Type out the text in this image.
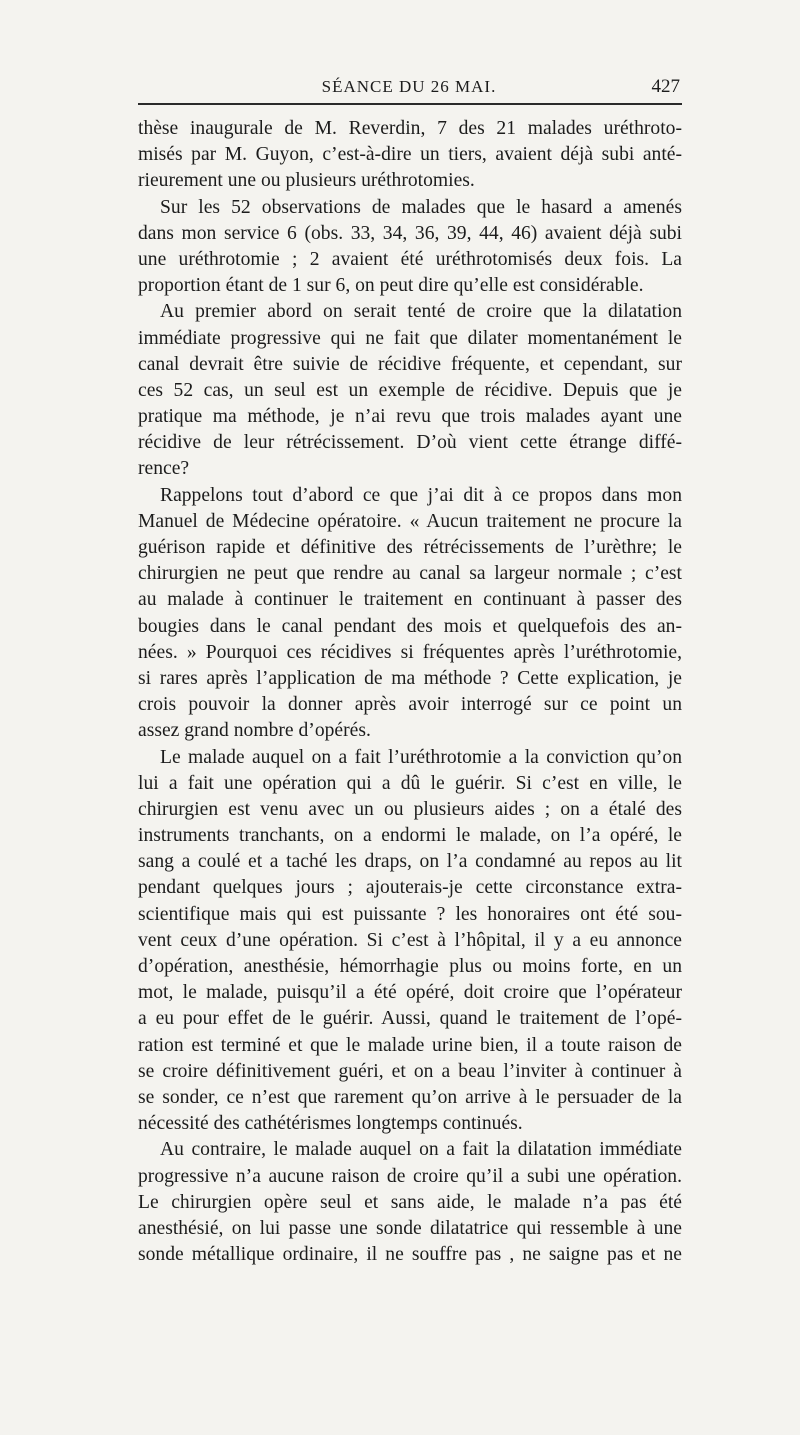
SÉANCE DU 26 MAI.	427
thèse inaugurale de M. Reverdin, 7 des 21 malades uréthroto-
misés par M. Guyon, c’est-à-dire un tiers, avaient déjà subi anté-
rieurement une ou plusieurs uréthrotomies.
Sur les 52 observations de malades que le hasard a amenés
dans mon service 6 (obs. 33, 34, 36, 39, 44, 46) avaient déjà subi
une uréthrotomie ; 2 avaient été uréthrotomisés deux fois. La
proportion étant de 1 sur 6, on peut dire qu’elle est considérable.
Au premier abord on serait tenté de croire que la dilatation
immédiate progressive qui ne fait que dilater momentanément le
canal devrait être suivie de récidive fréquente, et cependant, sur
ces 52 cas, un seul est un exemple de récidive. Depuis que je
pratique ma méthode, je n’ai revu que trois malades ayant une
récidive de leur rétrécissement. D’où vient cette étrange diffé-
rence?
Rappelons tout d’abord ce que j’ai dit à ce propos dans mon
Manuel de Médecine opératoire. « Aucun traitement ne procure la
guérison rapide et définitive des rétrécissements de l’urèthre; le
chirurgien ne peut que rendre au canal sa largeur normale ; c’est
au malade à continuer le traitement en continuant à passer des
bougies dans le canal pendant des mois et quelquefois des an-
nées. » Pourquoi ces récidives si fréquentes après l’uréthrotomie,
si rares après l’application de ma méthode ? Cette explication, je
crois pouvoir la donner après avoir interrogé sur ce point un
assez grand nombre d’opérés.
Le malade auquel on a fait l’uréthrotomie a la conviction qu’on
lui a fait une opération qui a dû le guérir. Si c’est en ville, le
chirurgien est venu avec un ou plusieurs aides ; on a étalé des
instruments tranchants, on a endormi le malade, on l’a opéré, le
sang a coulé et a taché les draps, on l’a condamné au repos au lit
pendant quelques jours ; ajouterais-je cette circonstance extra-
scientifique mais qui est puissante ? les honoraires ont été sou-
vent ceux d’une opération. Si c’est à l’hôpital, il y a eu annonce
d’opération, anesthésie, hémorrhagie plus ou moins forte, en un
mot, le malade, puisqu’il a été opéré, doit croire que l’opérateur
a eu pour effet de le guérir. Aussi, quand le traitement de l’opé-
ration est terminé et que le malade urine bien, il a toute raison de
se croire définitivement guéri, et on a beau l’inviter à continuer à
se sonder, ce n’est que rarement qu’on arrive à le persuader de la
nécessité des cathétérismes longtemps continués.
Au contraire, le malade auquel on a fait la dilatation immédiate
progressive n’a aucune raison de croire qu’il a subi une opération.
Le chirurgien opère seul et sans aide, le malade n’a pas été
anesthésié, on lui passe une sonde dilatatrice qui ressemble à une
sonde métallique ordinaire, il ne souffre pas , ne saigne pas et ne
